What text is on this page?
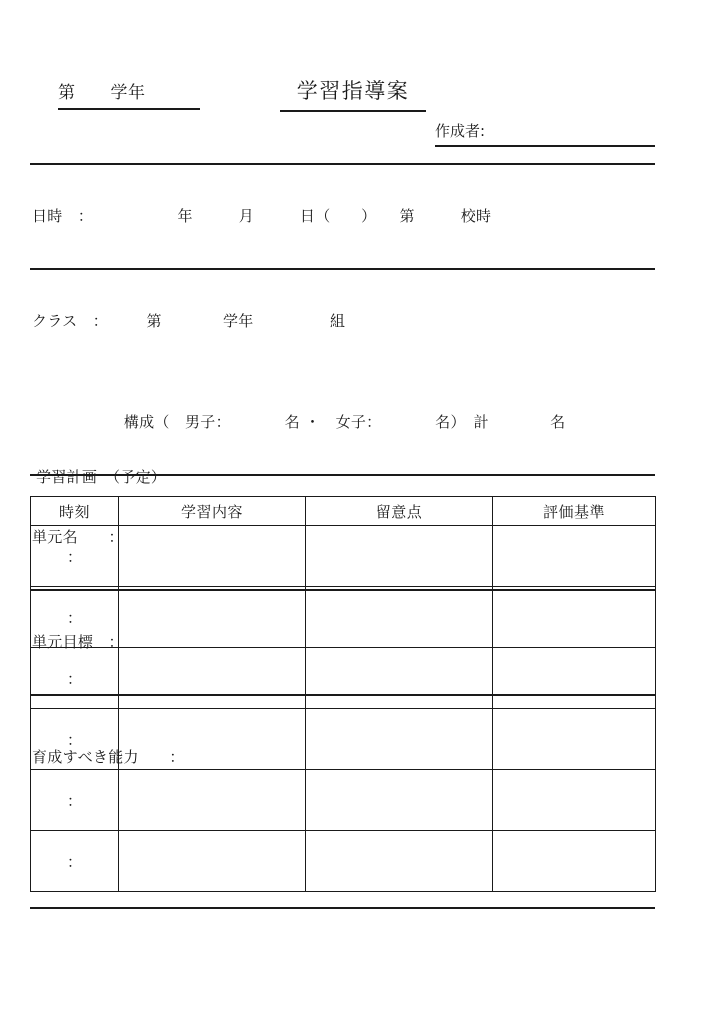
第　　学年	学習指導案
作成者:

日時　：　　　　　　年　　　月　　　日（　　）　　第　　　校時

クラス　：　　　第　　　　学年　　　　　組

　　　　　　構成（　男子：　　　　名 ・　女子：　　　　名）　計　　　　名

単元名　　：

単元目標　：

育成すべき能力　　：

学習計画　（予定）
時刻	学習内容	留意点	評価基準
：			
：			
：			
：			
：			
：			
